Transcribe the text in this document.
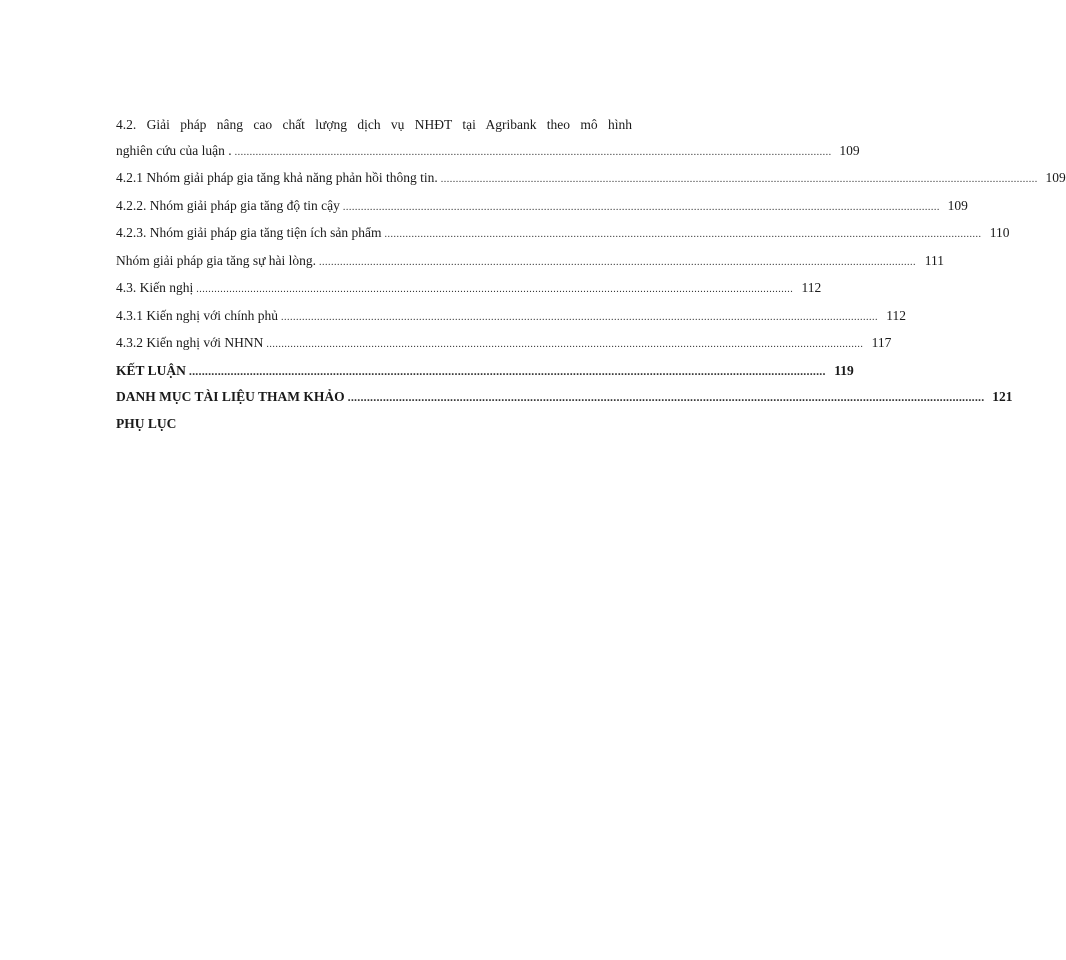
4.2. Giải pháp nâng cao chất lượng dịch vụ NHĐT tại Agribank theo mô hình
nghiên cứu của luận . ....................................................................................................................................................................................................... 109
4.2.1 Nhóm giải pháp gia tăng khả năng phản hồi thông tin. ....................................................................................................................................................................................................... 109
4.2.2. Nhóm giải pháp gia tăng độ tin cậy ....................................................................................................................................................................................................... 109
4.2.3. Nhóm giải pháp gia tăng tiện ích sản phẩm ....................................................................................................................................................................................................... 110
Nhóm giải pháp gia tăng sự hài lòng. ....................................................................................................................................................................................................... 111
4.3. Kiến nghị ....................................................................................................................................................................................................... 112
4.3.1 Kiến nghị với chính phủ ....................................................................................................................................................................................................... 112
4.3.2 Kiến nghị với NHNN ....................................................................................................................................................................................................... 117
KẾT LUẬN ....................................................................................................................................................................................................... 119
DANH MỤC TÀI LIỆU THAM KHẢO ....................................................................................................................................................................................................... 121
PHỤ LỤC
